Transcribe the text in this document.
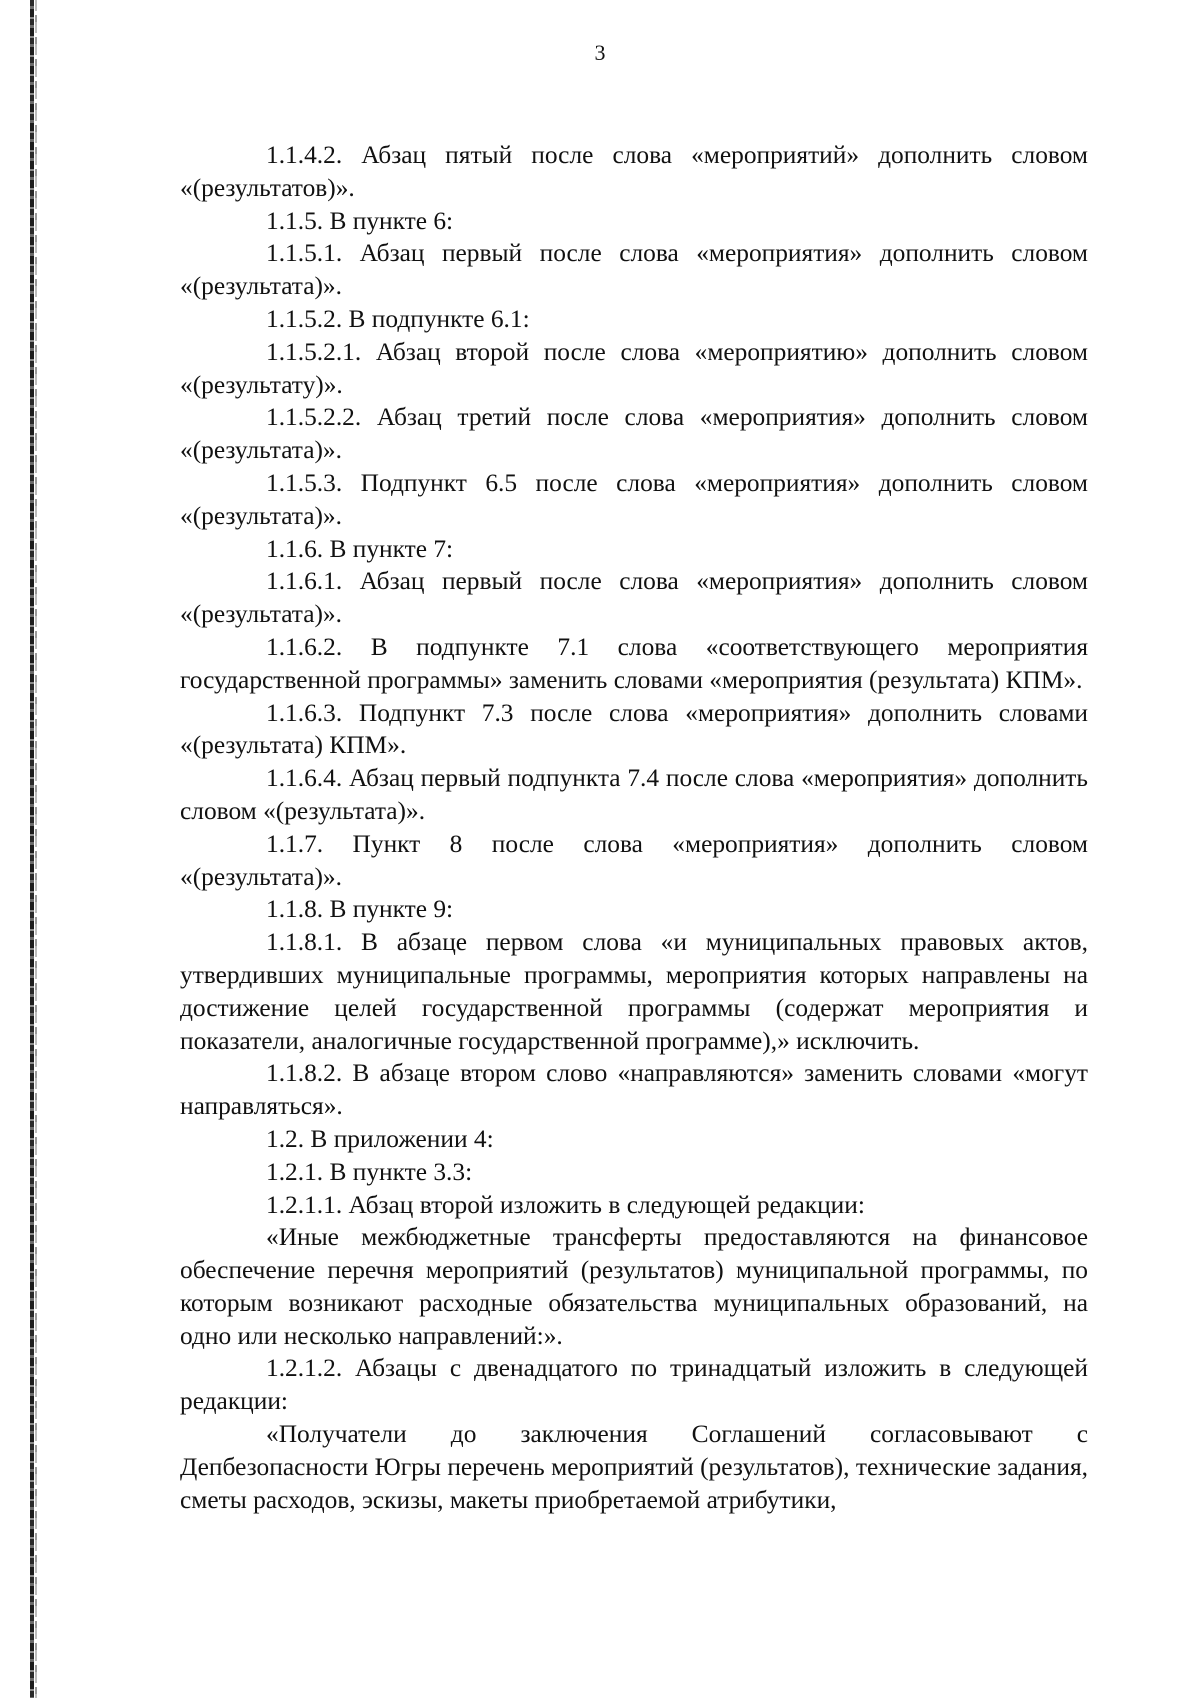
3

1.1.4.2. Абзац пятый после слова «мероприятий» дополнить словом «(результатов)».

1.1.5. В пункте 6:

1.1.5.1. Абзац первый после слова «мероприятия» дополнить словом «(результата)».

1.1.5.2. В подпункте 6.1:

1.1.5.2.1. Абзац второй после слова «мероприятию» дополнить словом «(результату)».

1.1.5.2.2. Абзац третий после слова «мероприятия» дополнить словом «(результата)».

1.1.5.3. Подпункт 6.5 после слова «мероприятия» дополнить словом «(результата)».

1.1.6. В пункте 7:

1.1.6.1. Абзац первый после слова «мероприятия» дополнить словом «(результата)».

1.1.6.2. В подпункте 7.1 слова «соответствующего мероприятия государственной программы» заменить словами «мероприятия (результата) КПМ».

1.1.6.3. Подпункт 7.3 после слова «мероприятия» дополнить словами «(результата) КПМ».

1.1.6.4. Абзац первый подпункта 7.4 после слова «мероприятия» дополнить словом «(результата)».

1.1.7. Пункт 8 после слова «мероприятия» дополнить словом «(результата)».

1.1.8. В пункте 9:

1.1.8.1. В абзаце первом слова «и муниципальных правовых актов, утвердивших муниципальные программы, мероприятия которых направлены на достижение целей государственной программы (содержат мероприятия и показатели, аналогичные государственной программе),» исключить.

1.1.8.2. В абзаце втором слово «направляются» заменить словами «могут направляться».

1.2. В приложении 4:

1.2.1. В пункте 3.3:

1.2.1.1. Абзац второй изложить в следующей редакции:

«Иные межбюджетные трансферты предоставляются на финансовое обеспечение перечня мероприятий (результатов) муниципальной программы, по которым возникают расходные обязательства муниципальных образований, на одно или несколько направлений:».

1.2.1.2. Абзацы с двенадцатого по тринадцатый изложить в следующей редакции:

«Получатели до заключения Соглашений согласовывают с Депбезопасности Югры перечень мероприятий (результатов), технические задания, сметы расходов, эскизы, макеты приобретаемой атрибутики,
